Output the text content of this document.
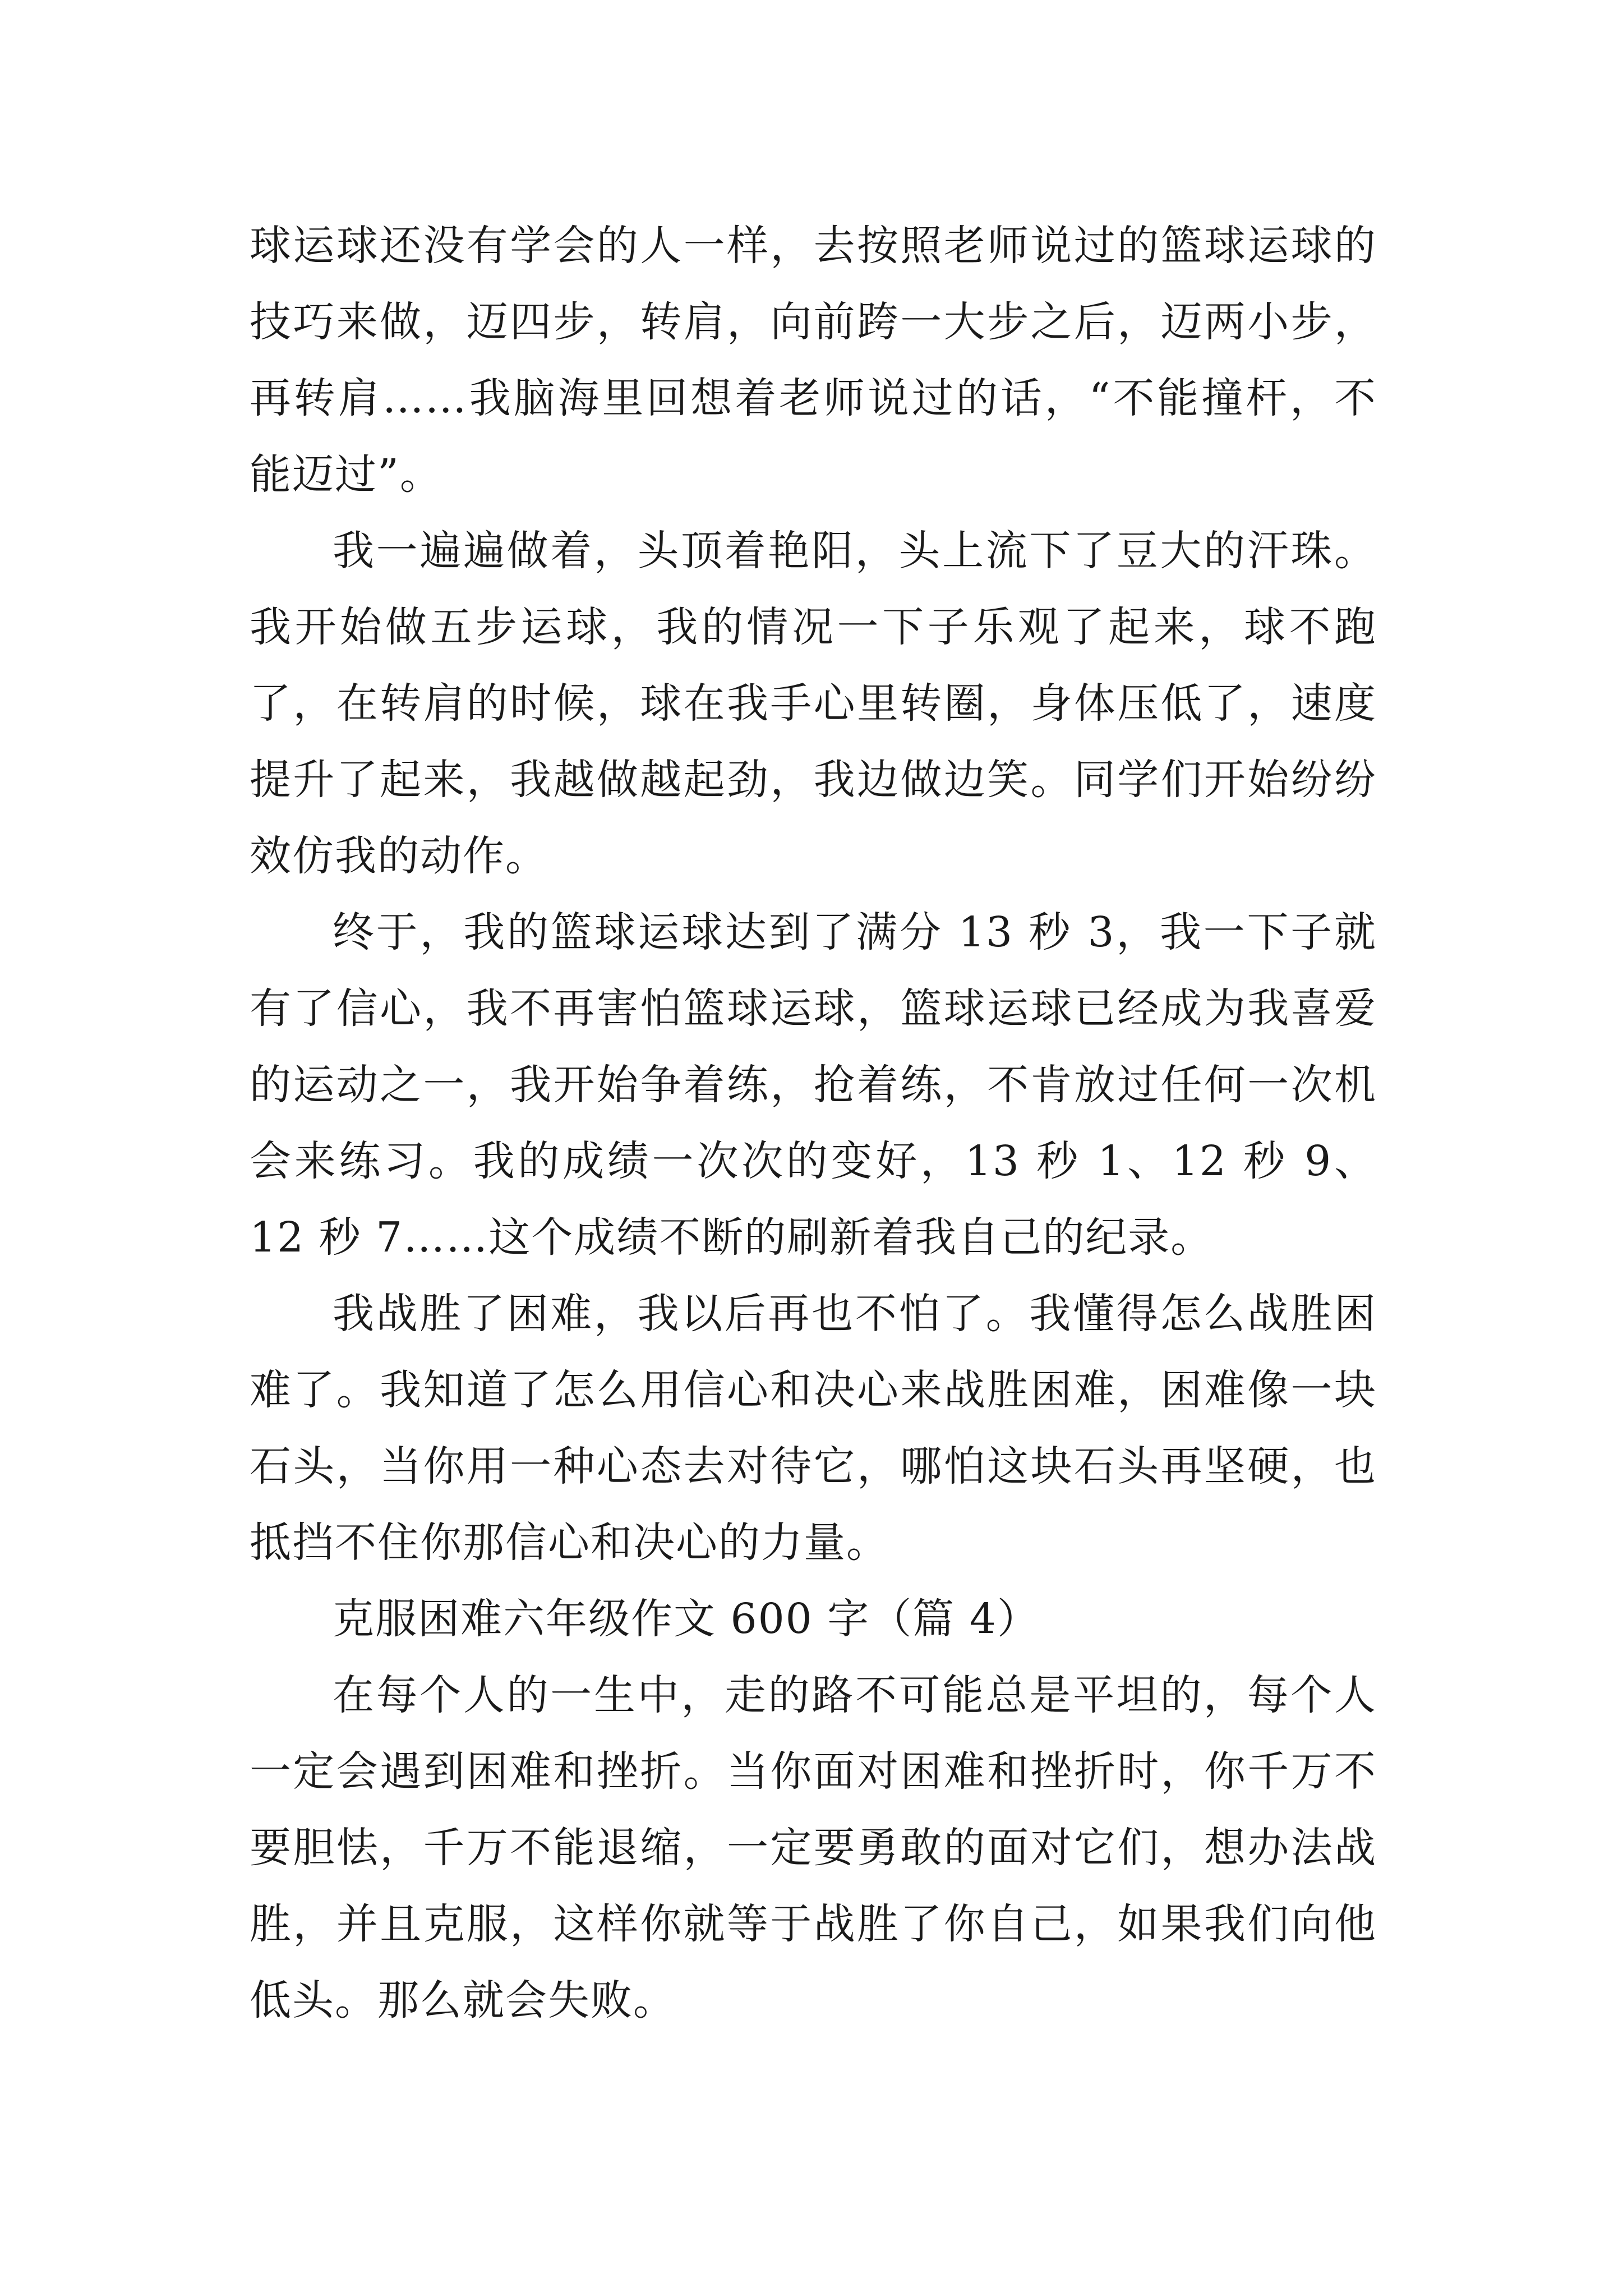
球运球还没有学会的人一样，去按照老师说过的篮球运球的技巧来做，迈四步，转肩，向前跨一大步之后，迈两小步，再转肩……我脑海里回想着老师说过的话，“不能撞杆，不能迈过”。

我一遍遍做着，头顶着艳阳，头上流下了豆大的汗珠。我开始做五步运球，我的情况一下子乐观了起来，球不跑了，在转肩的时候，球在我手心里转圈，身体压低了，速度提升了起来，我越做越起劲，我边做边笑。同学们开始纷纷效仿我的动作。

终于，我的篮球运球达到了满分 13 秒 3，我一下子就有了信心，我不再害怕篮球运球，篮球运球已经成为我喜爱的运动之一，我开始争着练，抢着练，不肯放过任何一次机会来练习。我的成绩一次次的变好，13 秒 1、12 秒 9、12 秒 7……这个成绩不断的刷新着我自己的纪录。

我战胜了困难，我以后再也不怕了。我懂得怎么战胜困难了。我知道了怎么用信心和决心来战胜困难，困难像一块石头，当你用一种心态去对待它，哪怕这块石头再坚硬，也抵挡不住你那信心和决心的力量。

克服困难六年级作文 600 字（篇 4）

在每个人的一生中，走的路不可能总是平坦的，每个人一定会遇到困难和挫折。当你面对困难和挫折时，你千万不要胆怯，千万不能退缩，一定要勇敢的面对它们，想办法战胜，并且克服，这样你就等于战胜了你自己，如果我们向他低头。那么就会失败。
